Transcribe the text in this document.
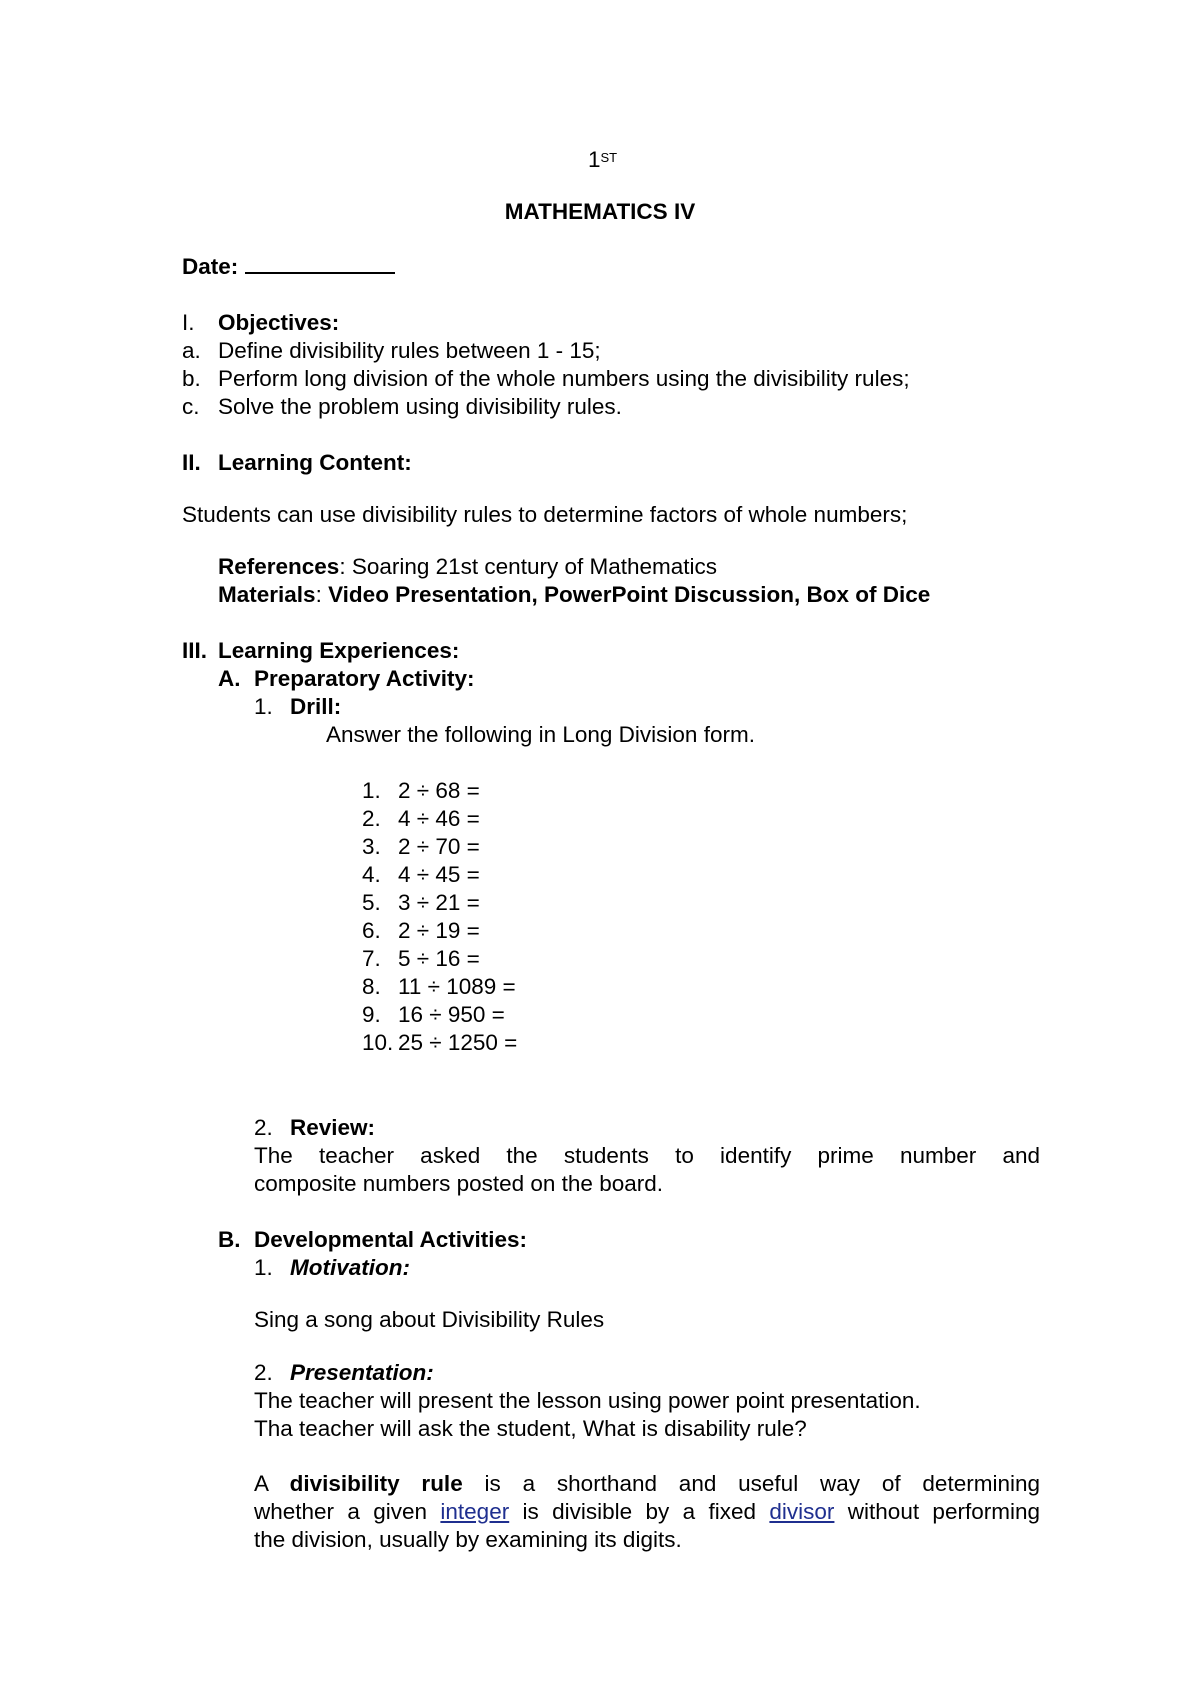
1ST
MATHEMATICS IV
Date:
I. Objectives:
a. Define divisibility rules between 1 - 15;
b. Perform long division of the whole numbers using the divisibility rules;
c. Solve the problem using divisibility rules.
II. Learning Content:
Students can use divisibility rules to determine factors of whole numbers;
References: Soaring 21st century of Mathematics
Materials: Video Presentation, PowerPoint Discussion, Box of Dice
III. Learning Experiences:
A. Preparatory Activity:
1. Drill:
Answer the following in Long Division form.
1. 2 ÷ 68 =
2. 4 ÷ 46 =
3. 2 ÷ 70 =
4. 4 ÷ 45 =
5. 3 ÷ 21 =
6. 2 ÷ 19 =
7. 5 ÷ 16 =
8. 11 ÷ 1089 =
9. 16 ÷ 950 =
10. 25 ÷ 1250 =
2. Review:
The teacher asked the students to identify prime number and
composite numbers posted on the board.
B. Developmental Activities:
1. Motivation:
Sing a song about Divisibility Rules
2. Presentation:
The teacher will present the lesson using power point presentation.
Tha teacher will ask the student, What is disability rule?
A divisibility rule is a shorthand and useful way of determining
whether a given integer is divisible by a fixed divisor without performing
the division, usually by examining its digits.
